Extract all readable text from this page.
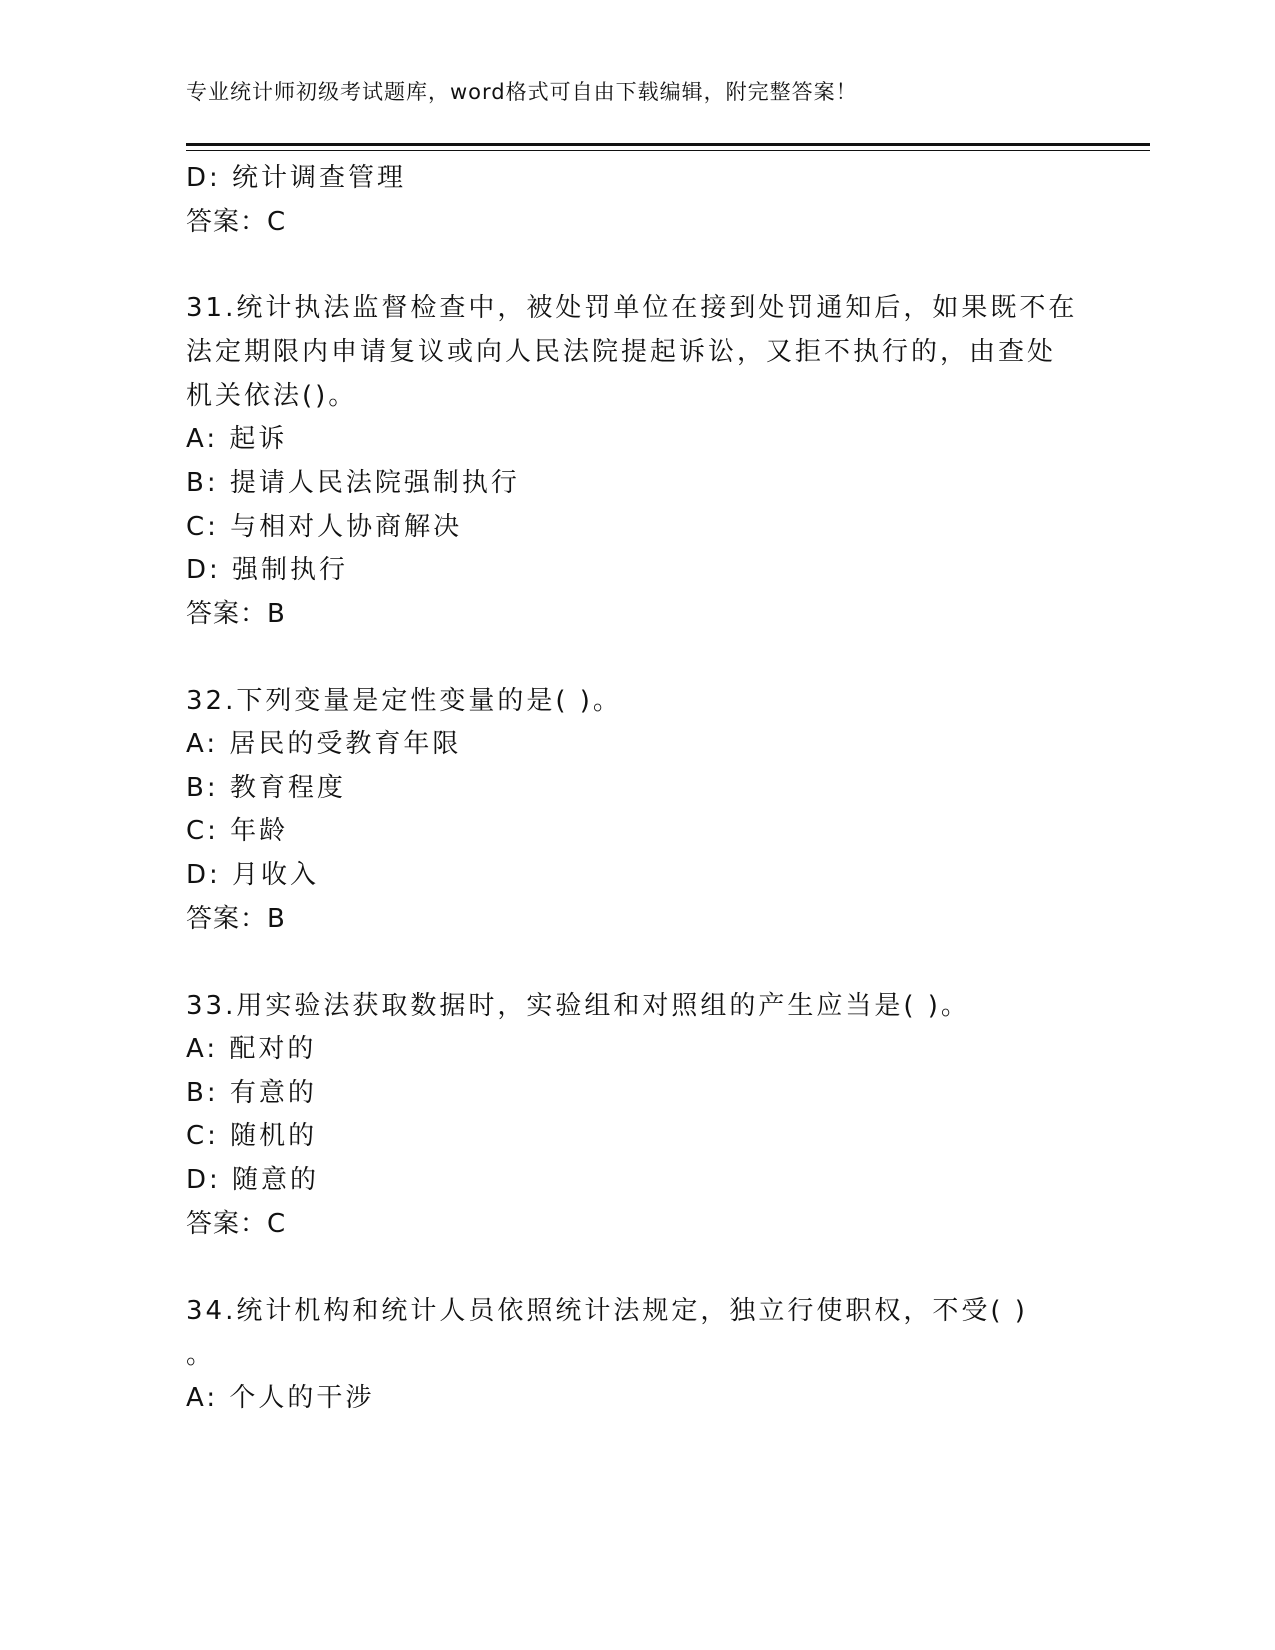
专业统计师初级考试题库，word格式可自由下载编辑，附完整答案！
D: 统计调查管理
答案：C
31.统计执法监督检查中，被处罚单位在接到处罚通知后，如果既不在
法定期限内申请复议或向人民法院提起诉讼，又拒不执行的，由查处
机关依法()。
A: 起诉
B: 提请人民法院强制执行
C: 与相对人协商解决
D: 强制执行
答案：B
32.下列变量是定性变量的是( )。
A: 居民的受教育年限
B: 教育程度
C: 年龄
D: 月收入
答案：B
33.用实验法获取数据时，实验组和对照组的产生应当是( )。
A: 配对的
B: 有意的
C: 随机的
D: 随意的
答案：C
34.统计机构和统计人员依照统计法规定，独立行使职权，不受( )
。
A: 个人的干涉
